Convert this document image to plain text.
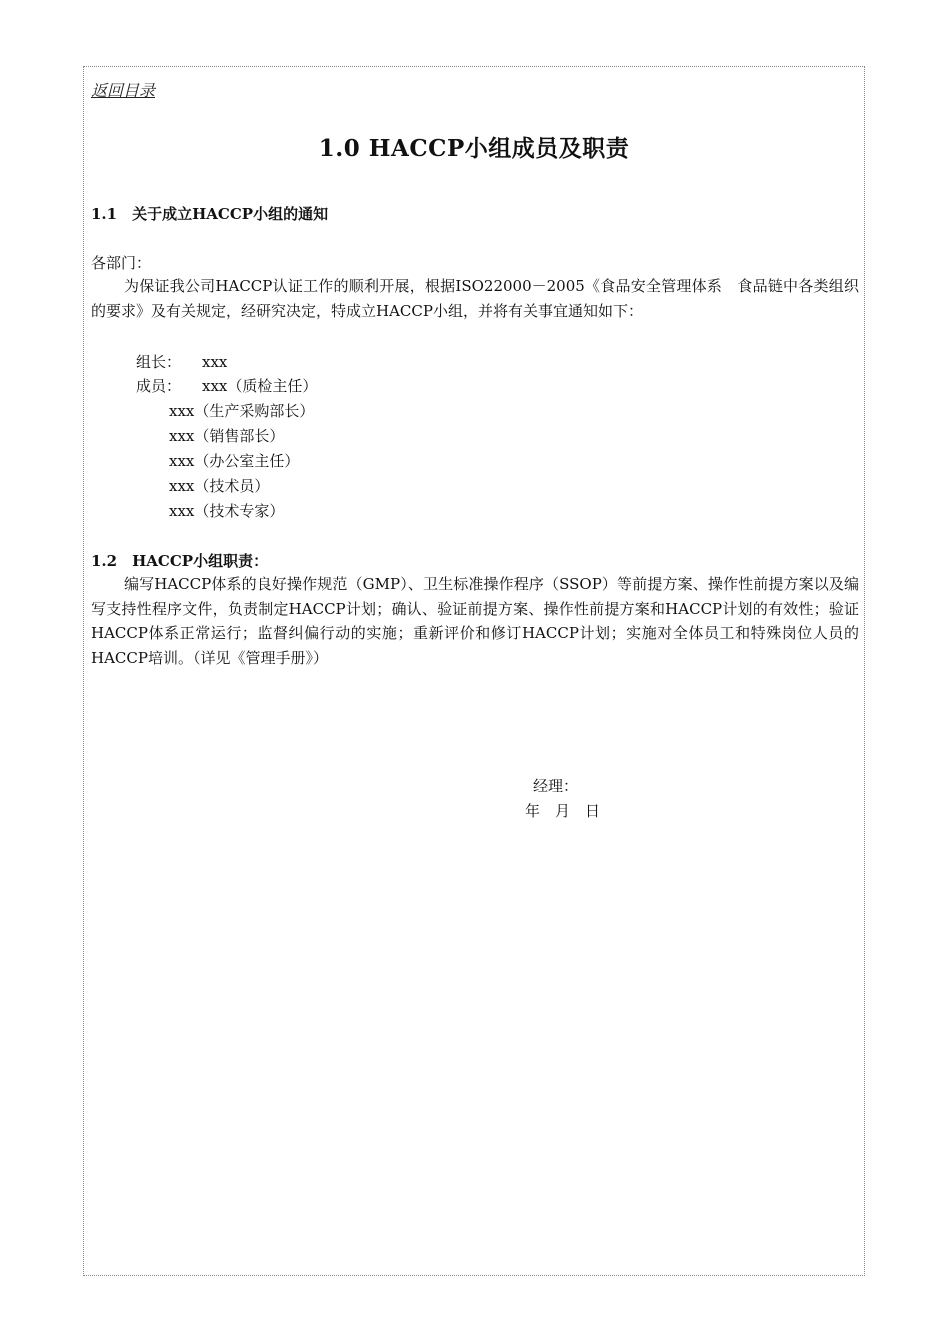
返回目录
1.0 HACCP小组成员及职责
1.1　关于成立HACCP小组的通知
各部门：

为保证我公司HACCP认证工作的顺利开展，根据ISO22000－2005《食品安全管理体系　食品链中各类组织的要求》及有关规定，经研究决定，特成立HACCP小组，并将有关事宜通知如下：

组长： xxx
成员： xxx（质检主任）
xxx（生产采购部长）
xxx（销售部长）
xxx（办公室主任）
xxx（技术员）
xxx（技术专家）
1.2　HACCP小组职责：

编写HACCP体系的良好操作规范（GMP）、卫生标准操作程序（SSOP）等前提方案、操作性前提方案以及编写支持性程序文件，负责制定HACCP计划；确认、验证前提方案、操作性前提方案和HACCP计划的有效性；验证HACCP体系正常运行；监督纠偏行动的实施；重新评价和修订HACCP计划；实施对全体员工和特殊岗位人员的HACCP培训。（详见《管理手册》）

经理：
年　月　日
